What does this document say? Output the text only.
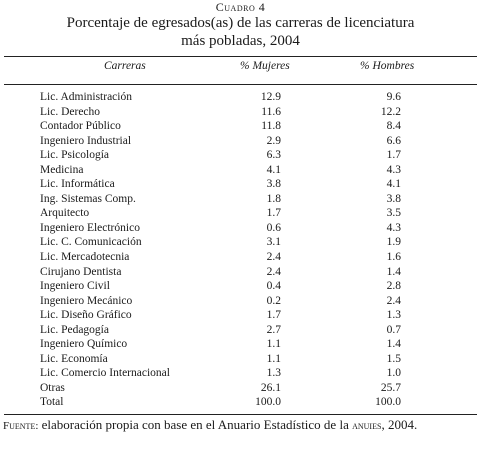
Cuadro 4
Porcentaje de egresados(as) de las carreras de licenciatura
más pobladas, 2004
Carreras	% Mujeres	% Hombres
Lic. Administración	12.9	9.6
Lic. Derecho	11.6	12.2
Contador Público	11.8	8.4
Ingeniero Industrial	2.9	6.6
Lic. Psicología	6.3	1.7
Medicina	4.1	4.3
Lic. Informática	3.8	4.1
Ing. Sistemas Comp.	1.8	3.8
Arquitecto	1.7	3.5
Ingeniero Electrónico	0.6	4.3
Lic. C. Comunicación	3.1	1.9
Lic. Mercadotecnia	2.4	1.6
Cirujano Dentista	2.4	1.4
Ingeniero Civil	0.4	2.8
Ingeniero Mecánico	0.2	2.4
Lic. Diseño Gráfico	1.7	1.3
Lic. Pedagogía	2.7	0.7
Ingeniero Químico	1.1	1.4
Lic. Economía	1.1	1.5
Lic. Comercio Internacional	1.3	1.0
Otras	26.1	25.7
Total	100.0	100.0
Fuente: elaboración propia con base en el Anuario Estadístico de la anuies, 2004.
